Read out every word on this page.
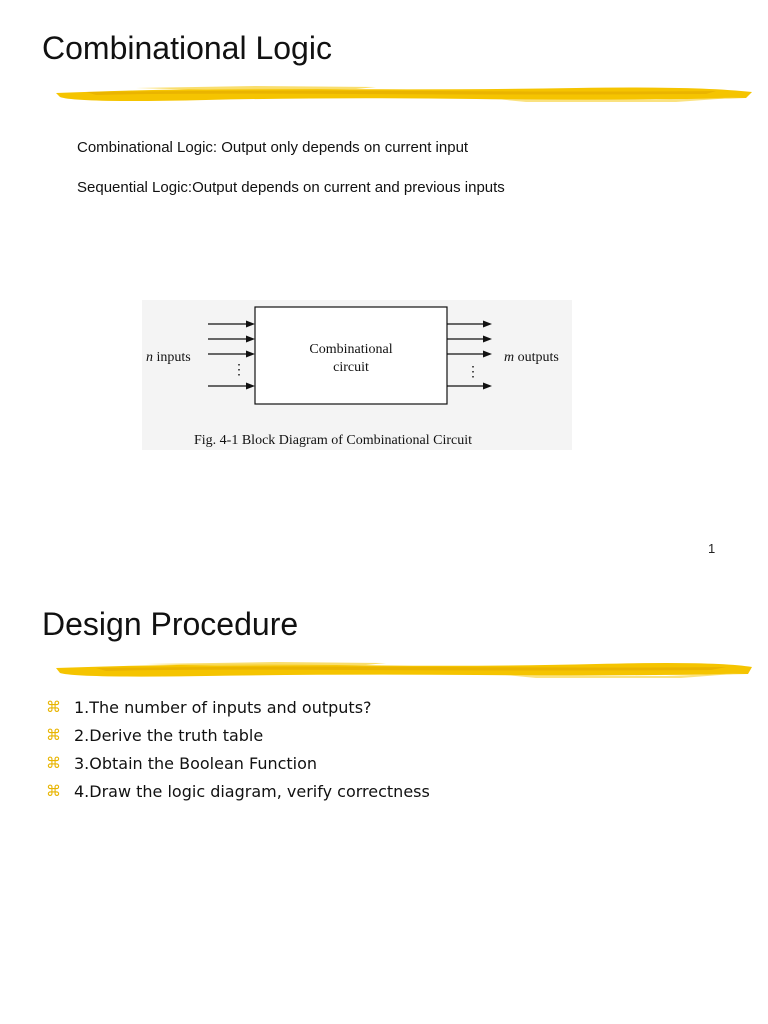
Combinational Logic

Combinational Logic: Output only depends on current input

Sequential Logic:Output depends on current and previous inputs

⋮	⋮
n inputs	m outputs
Combinational
circuit
Fig. 4-1 Block Diagram of Combinational Circuit
1
Design Procedure
⌘ 1.The number of inputs and outputs?
⌘ 2.Derive the truth table
⌘ 3.Obtain the Boolean Function
⌘ 4.Draw the logic diagram, verify correctness
